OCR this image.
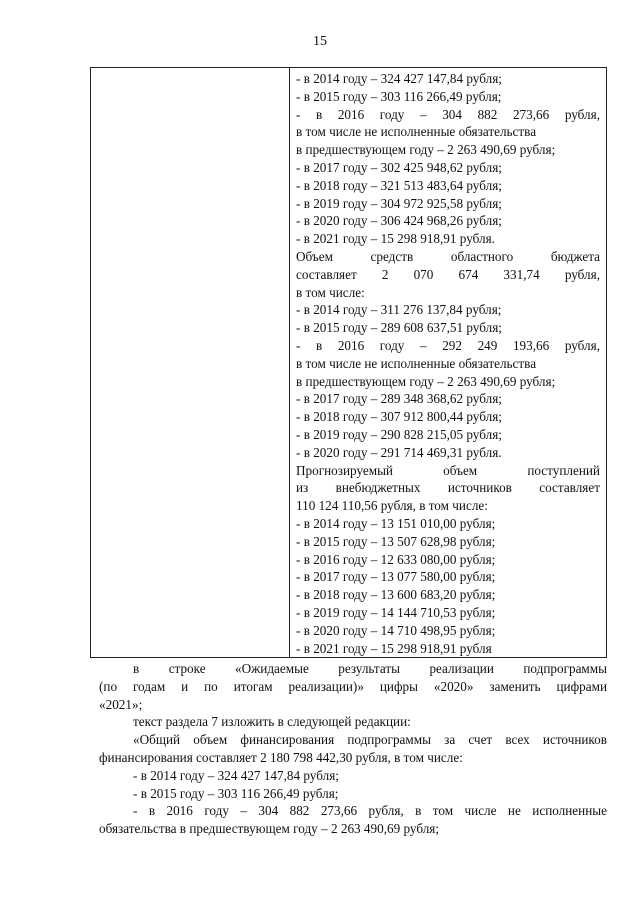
15

- в 2014 году – 324 427 147,84 рубля;
- в 2015 году – 303 116 266,49 рубля;
- в 2016 году – 304 882 273,66 рубля,
в том числе не исполненные обязательства
в предшествующем году – 2 263 490,69 рубля;
- в 2017 году – 302 425 948,62 рубля;
- в 2018 году – 321 513 483,64 рубля;
- в 2019 году – 304 972 925,58 рубля;
- в 2020 году – 306 424 968,26 рубля;
- в 2021 году – 15 298 918,91 рубля.
Объем средств областного бюджета
составляет 2 070 674 331,74 рубля,
в том числе:
- в 2014 году – 311 276 137,84 рубля;
- в 2015 году – 289 608 637,51 рубля;
- в 2016 году – 292 249 193,66 рубля,
в том числе не исполненные обязательства
в предшествующем году – 2 263 490,69 рубля;
- в 2017 году – 289 348 368,62 рубля;
- в 2018 году – 307 912 800,44 рубля;
- в 2019 году – 290 828 215,05 рубля;
- в 2020 году – 291 714 469,31 рубля.
Прогнозируемый объем поступлений
из внебюджетных источников составляет
110 124 110,56 рубля, в том числе:
- в 2014 году – 13 151 010,00 рубля;
- в 2015 году – 13 507 628,98 рубля;
- в 2016 году – 12 633 080,00 рубля;
- в 2017 году – 13 077 580,00 рубля;
- в 2018 году – 13 600 683,20 рубля;
- в 2019 году – 14 144 710,53 рубля;
- в 2020 году – 14 710 498,95 рубля;
- в 2021 году – 15 298 918,91 рубля
в строке «Ожидаемые результаты реализации подпрограммы
(по годам и по итогам реализации)» цифры «2020» заменить цифрами
«2021»;
текст раздела 7 изложить в следующей редакции:
«Общий объем финансирования подпрограммы за счет всех источников
финансирования составляет 2 180 798 442,30 рубля, в том числе:
- в 2014 году – 324 427 147,84 рубля;
- в 2015 году – 303 116 266,49 рубля;
- в 2016 году – 304 882 273,66 рубля, в том числе не исполненные
обязательства в предшествующем году – 2 263 490,69 рубля;
